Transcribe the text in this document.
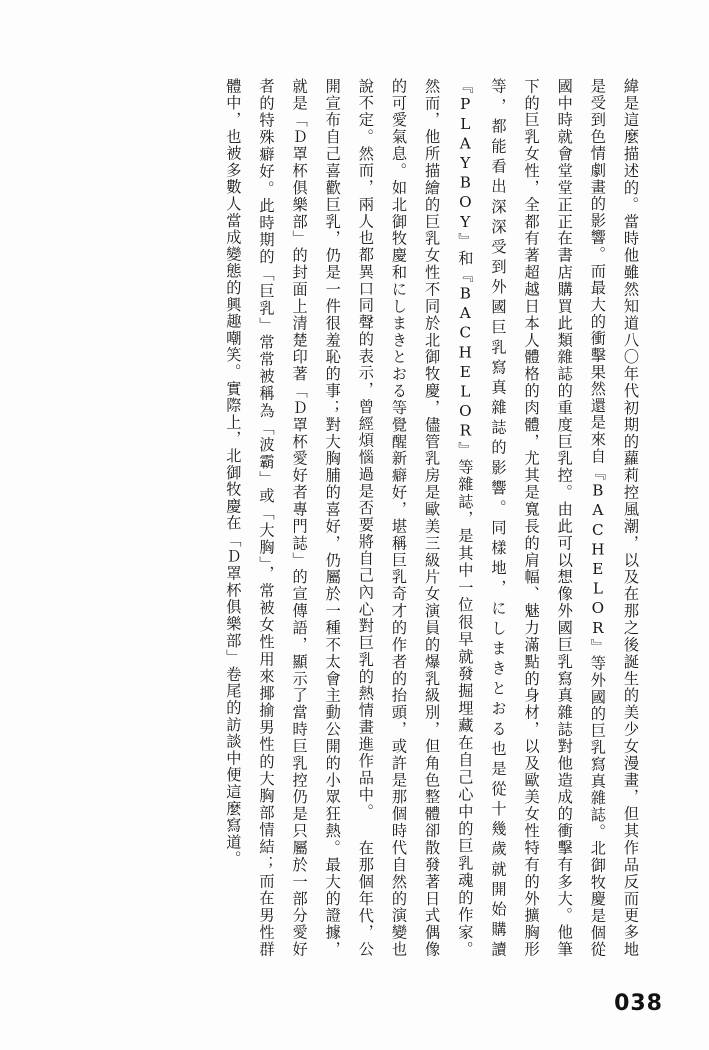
緯是這麼描述的。當時他雖然知道八〇年代初期的蘿莉控風潮，以及在那之後誕生的美少女漫畫，但其作品反而更多地是受到色情劇畫的影響。而最大的衝擊果然還是來自『BACHELOR』等外國的巨乳寫真雜誌。北御牧慶是個從國中時就會堂堂正正在書店購買此類雜誌的重度巨乳控。由此可以想像外國巨乳寫真雜誌對他造成的衝擊有多大。他筆下的巨乳女性，全都有著超越日本人體格的肉體，尤其是寬長的肩幅、魅力滿點的身材，以及歐美女性特有的外擴胸形等，都能看出深深受到外國巨乳寫真雜誌的影響。同樣地，にしまきとおる也是從十幾歲就開始購讀『PLAYBOY』和『BACHELOR』等雜誌，是其中一位很早就發掘埋藏在自己心中的巨乳魂的作家。然而，他所描繪的巨乳女性不同於北御牧慶，儘管乳房是歐美三級片女演員的爆乳級別，但角色整體卻散發著日式偶像的可愛氣息。如北御牧慶和にしまきとおる等覺醒新癖好，堪稱巨乳奇才的作者的抬頭，或許是那個時代自然的演變也說不定。然而，兩人也都異口同聲的表示，曾經煩惱過是否要將自己內心對巨乳的熱情畫進作品中。 在那個年代，公開宣布自己喜歡巨乳，仍是一件很羞恥的事；對大胸脯的喜好，仍屬於一種不太會主動公開的小眾狂熱。最大的證據，就是「Ｄ罩杯俱樂部」的封面上清楚印著「Ｄ罩杯愛好者專門誌」的宣傳語，顯示了當時巨乳控仍是只屬於一部分愛好者的特殊癖好。此時期的「巨乳」常常被稱為「波霸」或「大胸」，常被女性用來揶揄男性的大胸部情結；而在男性群體中，也被多數人當成變態的興趣嘲笑。實際上，北御牧慶在「Ｄ罩杯俱樂部」卷尾的訪談中便這麼寫道。
038
